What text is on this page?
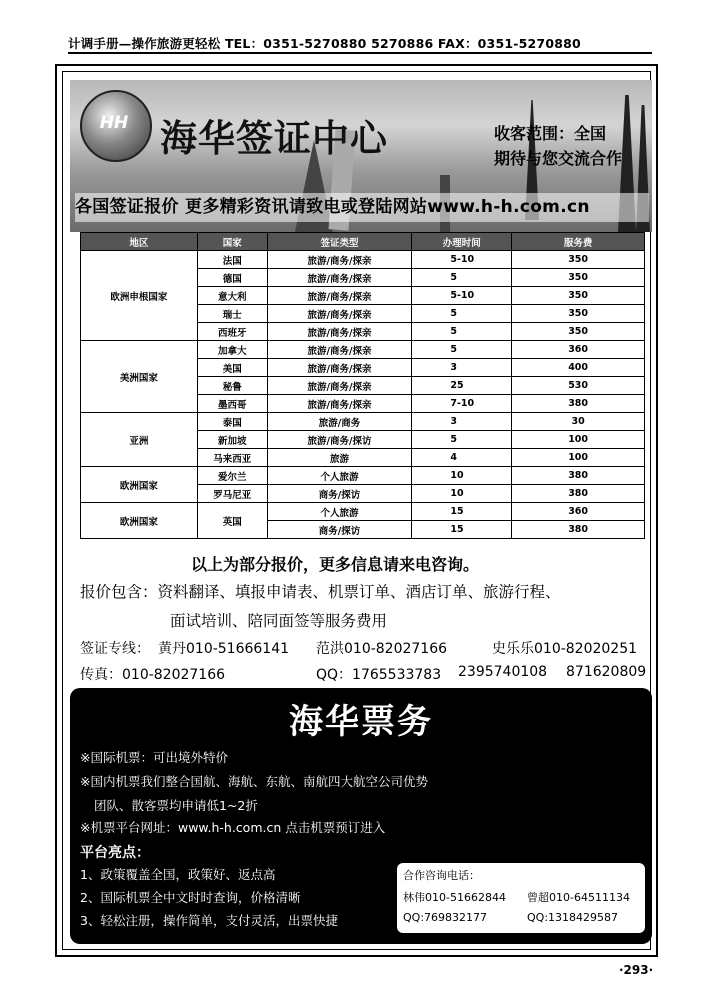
计调手册—操作旅游更轻松 TEL：0351-5270880 5270886 FAX：0351-5270880
HH 海华签证中心	收客范围：全国
期待与您交流合作
各国签证报价 更多精彩资讯请致电或登陆网站www.h-h.com.cn
地区	国家	签证类型	办理时间	服务费
欧洲申根国家	法国	旅游/商务/探亲	5-10	350
	德国	旅游/商务/探亲	5	350
	意大利	旅游/商务/探亲	5-10	350
	瑞士	旅游/商务/探亲	5	350
	西班牙	旅游/商务/探亲	5	350
美洲国家	加拿大	旅游/商务/探亲	5	360
	美国	旅游/商务/探亲	3	400
	秘鲁	旅游/商务/探亲	25	530
	墨西哥	旅游/商务/探亲	7-10	380
亚洲	泰国	旅游/商务	3	30
	新加坡	旅游/商务/探访	5	100
	马来西亚	旅游	4	100
欧洲国家	爱尔兰	个人旅游	10	380
	罗马尼亚	商务/探访	10	380
欧洲国家	英国	个人旅游	15	360
		商务/探访	15	380
以上为部分报价，更多信息请来电咨询。
报价包含：资料翻译、填报申请表、机票订单、酒店订单、旅游行程、
面试培训、陪同面签等服务费用
签证专线： 黄丹010-51666141 范洪010-82027166	史乐乐010-82020251
传真：010-82027166	QQ：1765533783 2395740108 871620809
海华票务
※国际机票：可出境外特价
※国内机票我们整合国航、海航、东航、南航四大航空公司优势
团队、散客票均申请低1~2折
※机票平台网址：www.h-h.com.cn 点击机票预订进入
平台亮点：
1、政策覆盖全国，政策好、返点高
2、国际机票全中文时时查询，价格清晰
3、轻松注册，操作简单，支付灵活，出票快捷
合作咨询电话：
林伟010-51662844 曾超010-64511134
QQ:769832177	QQ:1318429587
·293·
